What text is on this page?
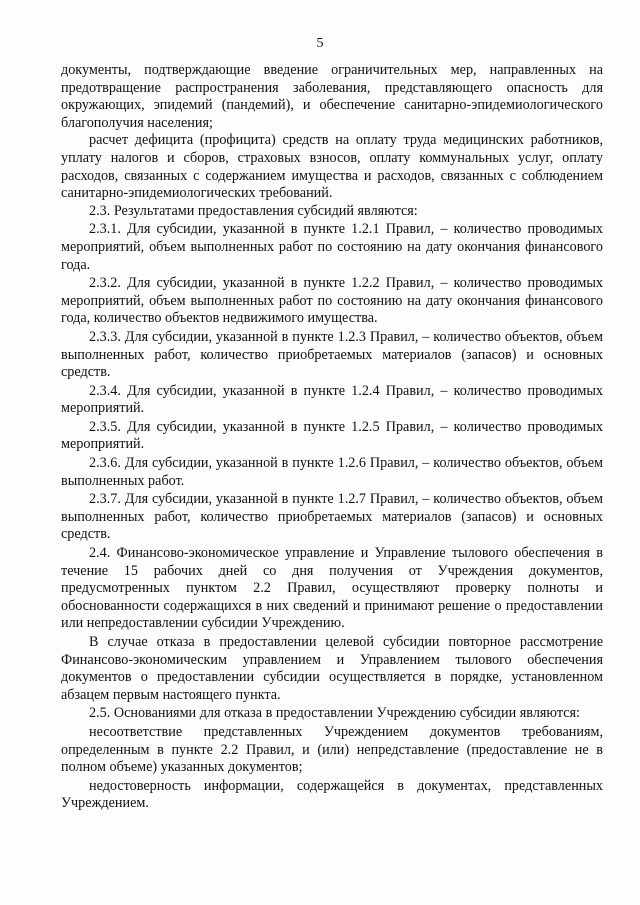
5

документы, подтверждающие введение ограничительных мер, направленных на предотвращение распространения заболевания, представляющего опасность для окружающих, эпидемий (пандемий), и обеспечение санитарно-эпидемиологического благополучия населения;

расчет дефицита (профицита) средств на оплату труда медицинских работников, уплату налогов и сборов, страховых взносов, оплату коммунальных услуг, оплату расходов, связанных с содержанием имущества и расходов, связанных с соблюдением санитарно-эпидемиологических требований.

2.3. Результатами предоставления субсидий являются:

2.3.1. Для субсидии, указанной в пункте 1.2.1 Правил, – количество проводимых мероприятий, объем выполненных работ по состоянию на дату окончания финансового года.

2.3.2. Для субсидии, указанной в пункте 1.2.2 Правил, – количество проводимых мероприятий, объем выполненных работ по состоянию на дату окончания финансового года, количество объектов недвижимого имущества.

2.3.3. Для субсидии, указанной в пункте 1.2.3 Правил, – количество объектов, объем выполненных работ, количество приобретаемых материалов (запасов) и основных средств.

2.3.4. Для субсидии, указанной в пункте 1.2.4 Правил, – количество проводимых мероприятий.

2.3.5. Для субсидии, указанной в пункте 1.2.5 Правил, – количество проводимых мероприятий.

2.3.6. Для субсидии, указанной в пункте 1.2.6 Правил, – количество объектов, объем выполненных работ.

2.3.7. Для субсидии, указанной в пункте 1.2.7 Правил, – количество объектов, объем выполненных работ, количество приобретаемых материалов (запасов) и основных средств.

2.4. Финансово-экономическое управление и Управление тылового обеспечения в течение 15 рабочих дней со дня получения от Учреждения документов, предусмотренных пунктом 2.2 Правил, осуществляют проверку полноты и обоснованности содержащихся в них сведений и принимают решение о предоставлении или непредоставлении субсидии Учреждению.

В случае отказа в предоставлении целевой субсидии повторное рассмотрение Финансово-экономическим управлением и Управлением тылового обеспечения документов о предоставлении субсидии осуществляется в порядке, установленном абзацем первым настоящего пункта.

2.5. Основаниями для отказа в предоставлении Учреждению субсидии являются:

несоответствие представленных Учреждением документов требованиям, определенным в пункте 2.2 Правил, и (или) непредставление (предоставление не в полном объеме) указанных документов;

недостоверность информации, содержащейся в документах, представленных Учреждением.
